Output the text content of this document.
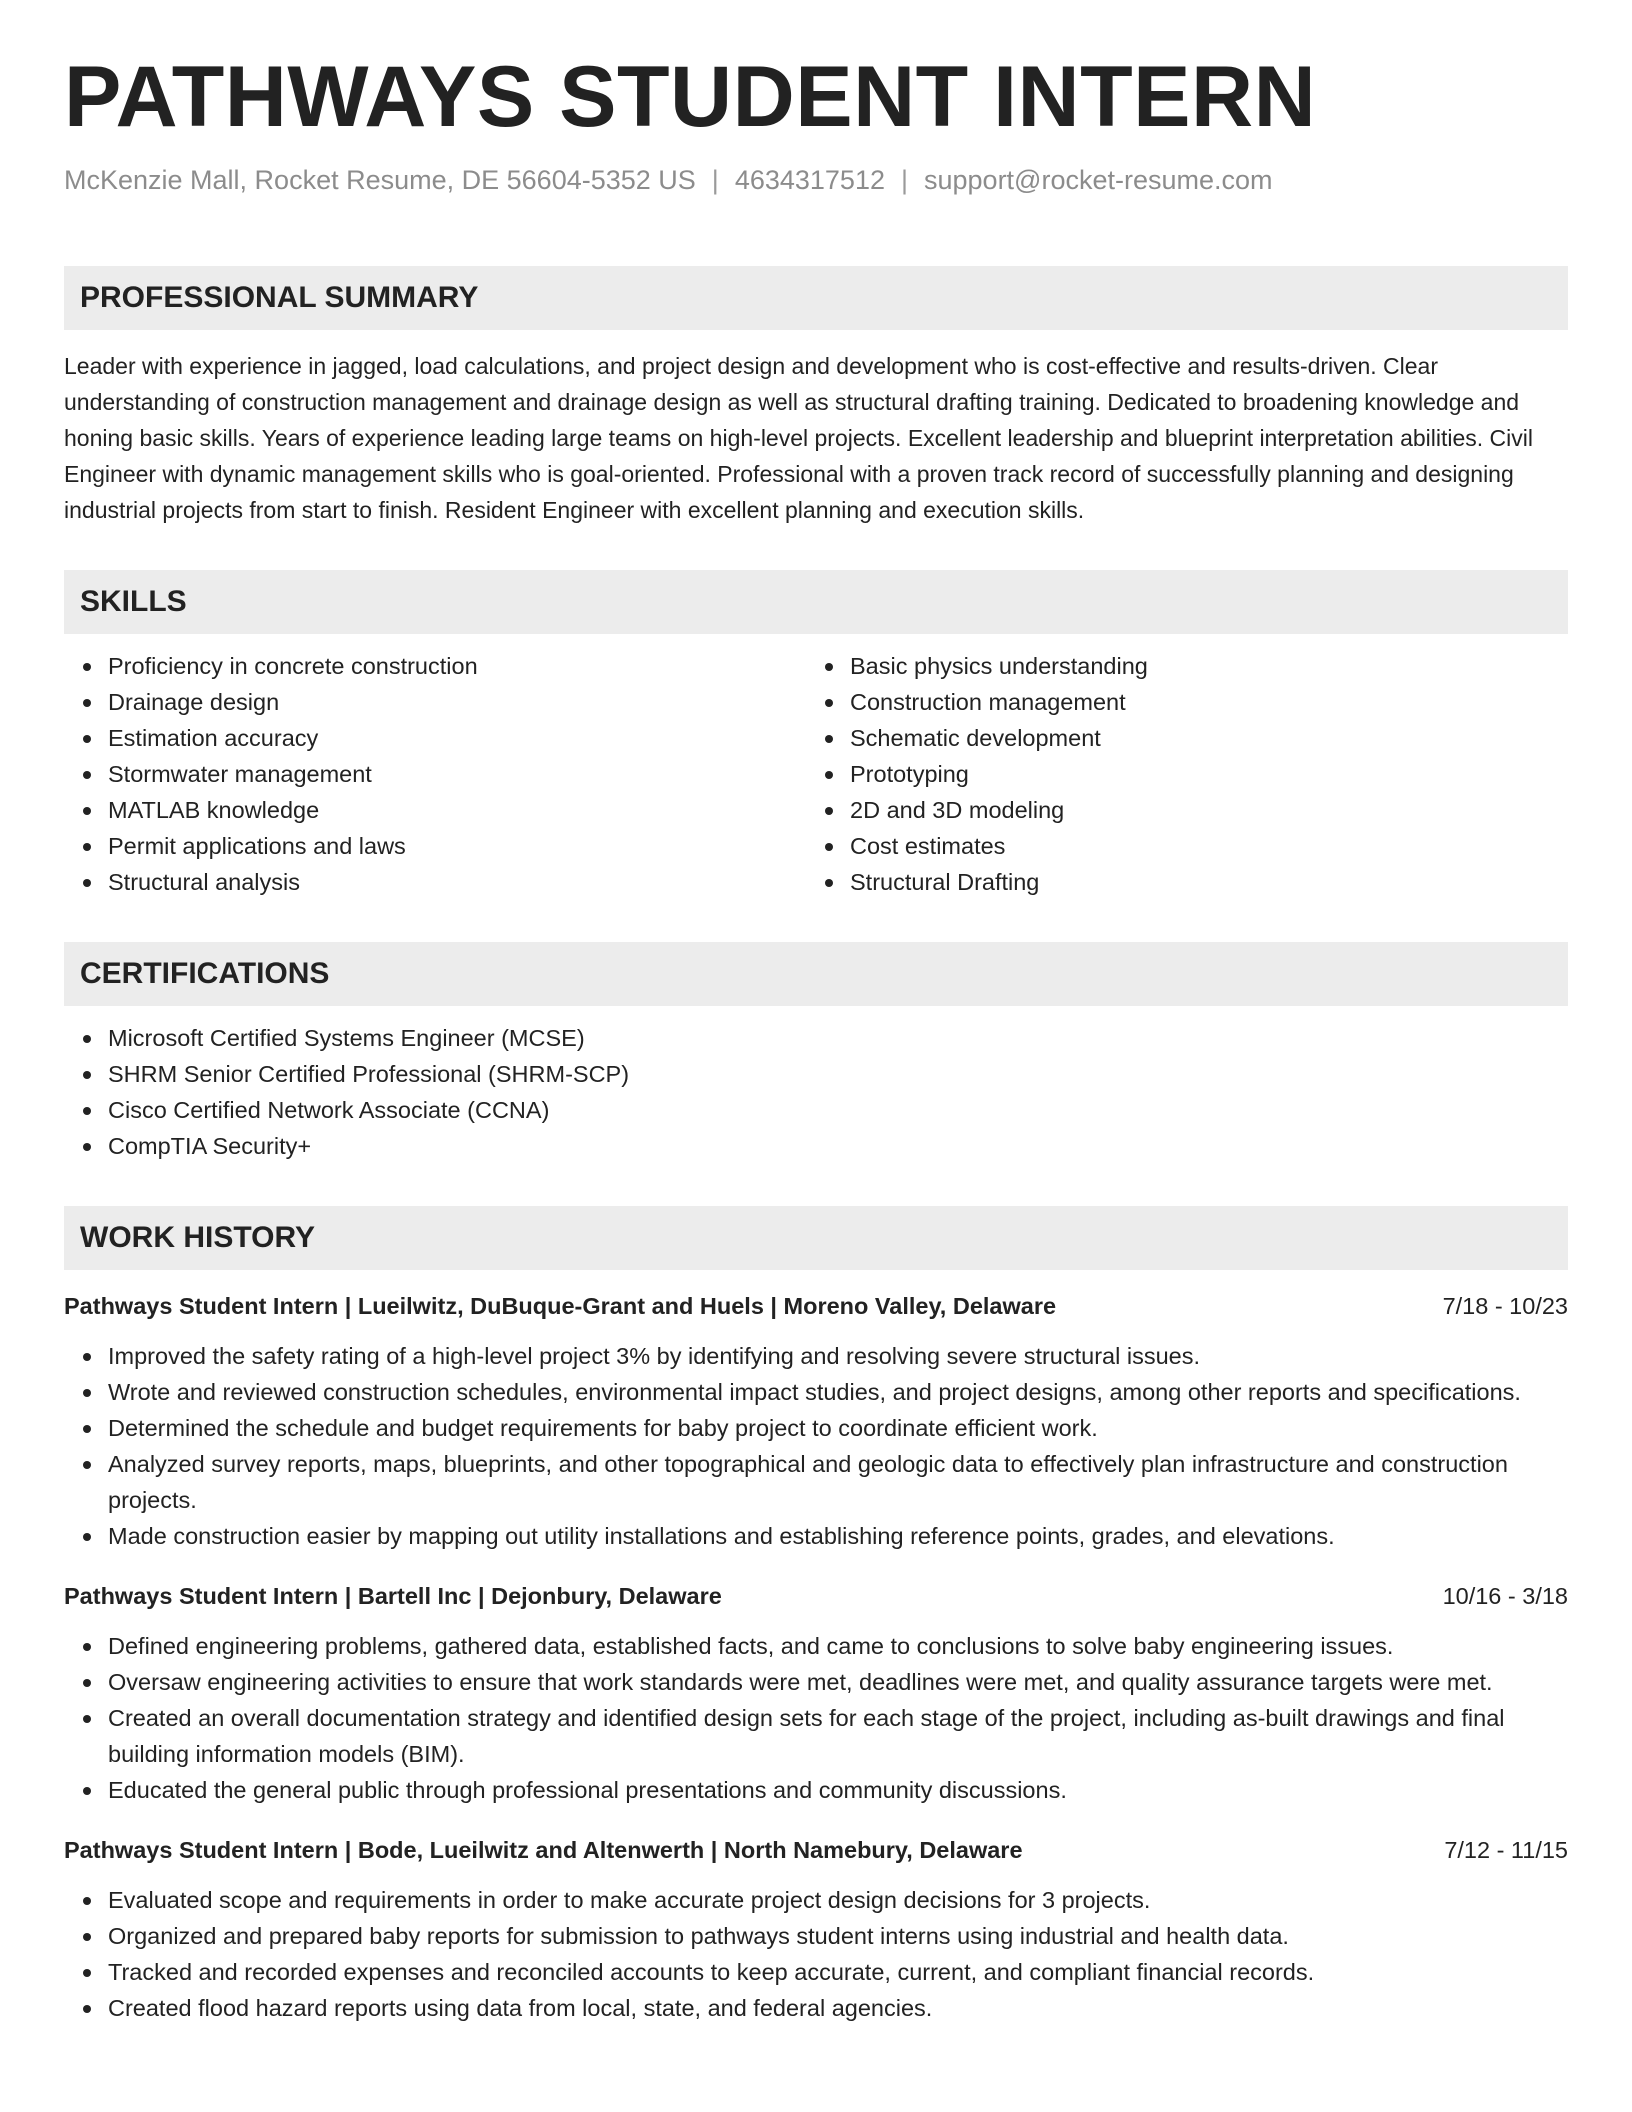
PATHWAYS STUDENT INTERN
McKenzie Mall, Rocket Resume, DE 56604-5352 US | 4634317512 | support@rocket-resume.com
PROFESSIONAL SUMMARY
Leader with experience in jagged, load calculations, and project design and development who is cost-effective and results-driven. Clear understanding of construction management and drainage design as well as structural drafting training. Dedicated to broadening knowledge and honing basic skills. Years of experience leading large teams on high-level projects. Excellent leadership and blueprint interpretation abilities. Civil Engineer with dynamic management skills who is goal-oriented. Professional with a proven track record of successfully planning and designing industrial projects from start to finish. Resident Engineer with excellent planning and execution skills.
SKILLS
Proficiency in concrete construction
Drainage design
Estimation accuracy
Stormwater management
MATLAB knowledge
Permit applications and laws
Structural analysis
Basic physics understanding
Construction management
Schematic development
Prototyping
2D and 3D modeling
Cost estimates
Structural Drafting
CERTIFICATIONS
Microsoft Certified Systems Engineer (MCSE)
SHRM Senior Certified Professional (SHRM-SCP)
Cisco Certified Network Associate (CCNA)
CompTIA Security+
WORK HISTORY
Pathways Student Intern | Lueilwitz, DuBuque-Grant and Huels | Moreno Valley, Delaware	7/18 - 10/23
Improved the safety rating of a high-level project 3% by identifying and resolving severe structural issues.
Wrote and reviewed construction schedules, environmental impact studies, and project designs, among other reports and specifications.
Determined the schedule and budget requirements for baby project to coordinate efficient work.
Analyzed survey reports, maps, blueprints, and other topographical and geologic data to effectively plan infrastructure and construction projects.
Made construction easier by mapping out utility installations and establishing reference points, grades, and elevations.
Pathways Student Intern | Bartell Inc | Dejonbury, Delaware	10/16 - 3/18
Defined engineering problems, gathered data, established facts, and came to conclusions to solve baby engineering issues.
Oversaw engineering activities to ensure that work standards were met, deadlines were met, and quality assurance targets were met.
Created an overall documentation strategy and identified design sets for each stage of the project, including as-built drawings and final building information models (BIM).
Educated the general public through professional presentations and community discussions.
Pathways Student Intern | Bode, Lueilwitz and Altenwerth | North Namebury, Delaware	7/12 - 11/15
Evaluated scope and requirements in order to make accurate project design decisions for 3 projects.
Organized and prepared baby reports for submission to pathways student interns using industrial and health data.
Tracked and recorded expenses and reconciled accounts to keep accurate, current, and compliant financial records.
Created flood hazard reports using data from local, state, and federal agencies.
